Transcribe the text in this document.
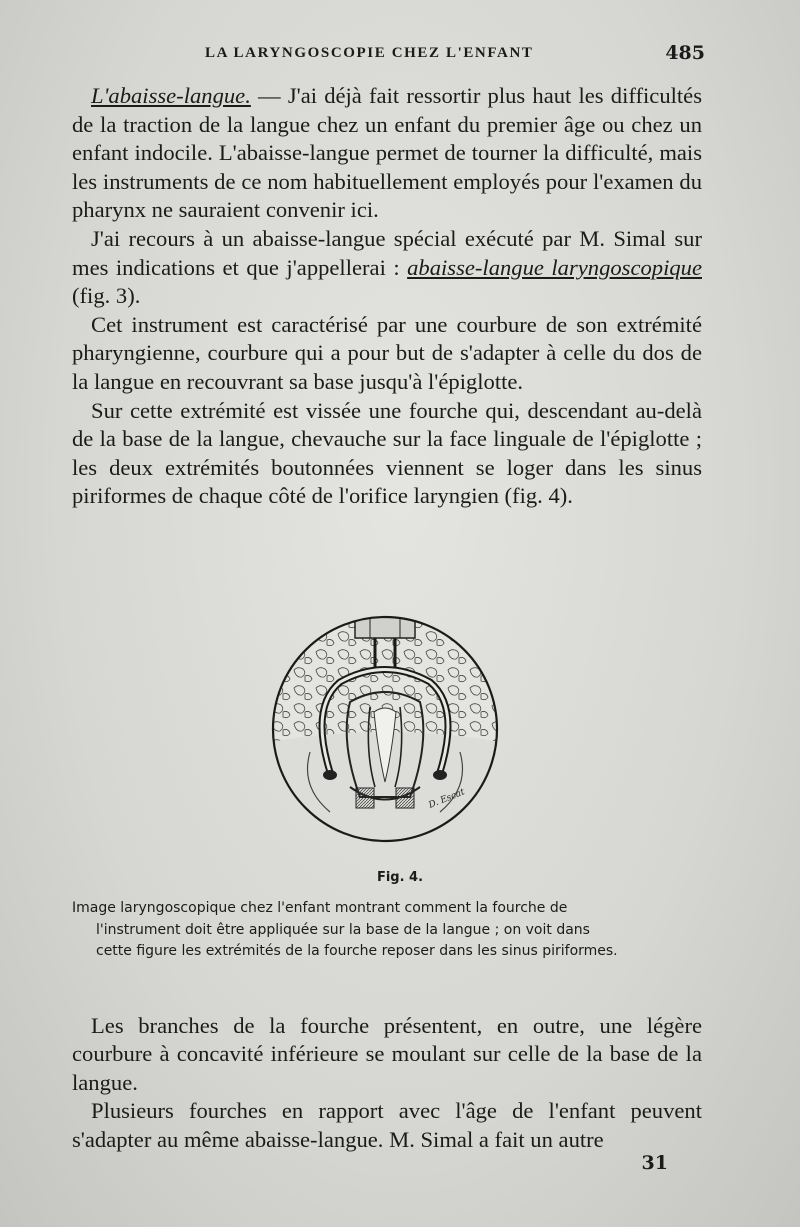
LA LARYNGOSCOPIE CHEZ L'ENFANT	485

L'abaisse-langue. — J'ai déjà fait ressortir plus haut les difficultés de la traction de la langue chez un enfant du premier âge ou chez un enfant indocile. L'abaisse-langue permet de tourner la difficulté, mais les instruments de ce nom habituellement employés pour l'examen du pharynx ne sauraient convenir ici.

J'ai recours à un abaisse-langue spécial exécuté par M. Simal sur mes indications et que j'appellerai : abaisse-langue laryngoscopique (fig. 3).

Cet instrument est caractérisé par une courbure de son extrémité pharyngienne, courbure qui a pour but de s'adapter à celle du dos de la langue en recouvrant sa base jusqu'à l'épiglotte.

Sur cette extrémité est vissée une fourche qui, descendant au-delà de la base de la langue, chevauche sur la face linguale de l'épiglotte ; les deux extrémités boutonnées viennent se loger dans les sinus piriformes de chaque côté de l'orifice laryngien (fig. 4).

D. Escat
Fig. 4.
Image laryngoscopique chez l'enfant montrant comment la fourche de
l'instrument doit être appliquée sur la base de la langue ; on voit dans
cette figure les extrémités de la fourche reposer dans les sinus piriformes.

Les branches de la fourche présentent, en outre, une légère courbure à concavité inférieure se moulant sur celle de la base de la langue.

Plusieurs fourches en rapport avec l'âge de l'enfant peuvent s'adapter au même abaisse-langue. M. Simal a fait un autre

31
